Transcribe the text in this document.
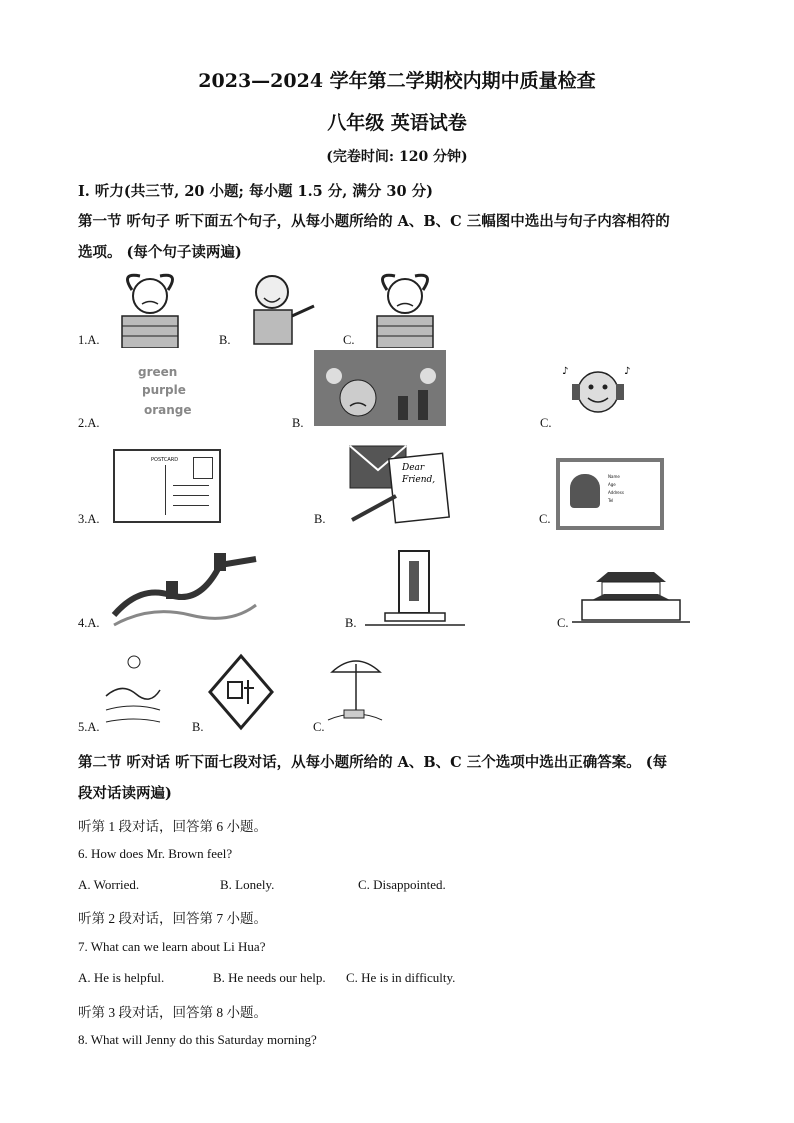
2023—2024 学年第二学期校内期中质量检查
八年级 英语试卷
(完卷时间: 120 分钟)
Ⅰ. 听力(共三节, 20 小题; 每小题 1.5 分, 满分 30 分)
第一节 听句子 听下面五个句子，从每小题所给的 A、B、C 三幅图中选出与句子内容相符的
选项。 (每个句子读两遍)
1.A.	B.	C.
2.A.
green
purple
orange
B.	C.
♪	♪
3.A.
POSTCARD
B.
Dear
Friend,
C.
Name
Age
Address
Tel
4.A.	B.	C.
5.A.	B.	C.
第二节 听对话 听下面七段对话，从每小题所给的 A、B、C 三个选项中选出正确答案。 (每
段对话读两遍)
听第 1 段对话，回答第 6 小题。
6. How does Mr. Brown feel?
A. Worried.	B. Lonely.	C. Disappointed.
听第 2 段对话，回答第 7 小题。
7. What can we learn about Li Hua?
A. He is helpful.	B. He needs our help. C. He is in difficulty.
听第 3 段对话，回答第 8 小题。
8. What will Jenny do this Saturday morning?
